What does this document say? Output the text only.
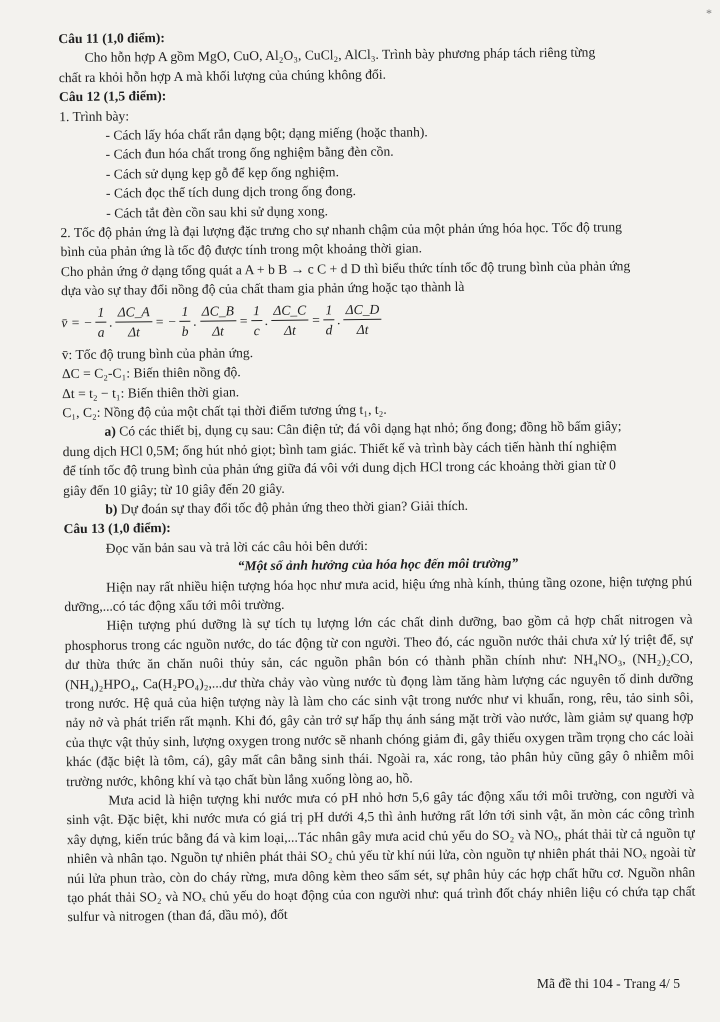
*
Câu 11 (1,0 điểm):
Cho hỗn hợp A gồm MgO, CuO, Al₂O₃, CuCl₂, AlCl₃. Trình bày phương pháp tách riêng từng
chất ra khỏi hỗn hợp A mà khối lượng của chúng không đổi.
Câu 12 (1,5 điểm):
1. Trình bày:
- Cách lấy hóa chất rắn dạng bột; dạng miếng (hoặc thanh).
- Cách đun hóa chất trong ống nghiệm bằng đèn cồn.
- Cách sử dụng kẹp gỗ để kẹp ống nghiệm.
- Cách đọc thể tích dung dịch trong ống đong.
- Cách tắt đèn cồn sau khi sử dụng xong.
2. Tốc độ phản ứng là đại lượng đặc trưng cho sự nhanh chậm của một phản ứng hóa học. Tốc độ trung
bình của phản ứng là tốc độ được tính trong một khoảng thời gian.
Cho phản ứng ở dạng tổng quát a A + b B → c C + d D thì biểu thức tính tốc độ trung bình của phản ứng
dựa vào sự thay đổi nồng độ của chất tham gia phản ứng hoặc tạo thành là
v̄ = − $\frac{1}{a}$ . $\frac{\Delta C\_A}{\Delta t}$ = − $\frac{1}{b}$ . $\frac{\Delta C\_B}{\Delta t} = \frac{1}{c}$ . $\frac{\Delta C\_C}{\Delta t} = \frac{1}{d}$ . $\frac{\Delta C\_D}{\Delta t}$
v̄: Tốc độ trung bình của phản ứng.
ΔC = C₂-C₁: Biến thiên nồng độ.
Δt = t₂ − t₁: Biến thiên thời gian.
C₁, C₂: Nồng độ của một chất tại thời điểm tương ứng t₁, t₂.
a) Có các thiết bị, dụng cụ sau: Cân điện tử; đá vôi dạng hạt nhỏ; ống đong; đồng hồ bấm giây;
dung dịch HCl 0,5M; ống hút nhỏ giọt; bình tam giác. Thiết kế và trình bày cách tiến hành thí nghiệm
để tính tốc độ trung bình của phản ứng giữa đá vôi với dung dịch HCl trong các khoảng thời gian từ 0
giây đến 10 giây; từ 10 giây đến 20 giây.
b) Dự đoán sự thay đổi tốc độ phản ứng theo thời gian? Giải thích.
Câu 13 (1,0 điểm):
Đọc văn bản sau và trả lời các câu hỏi bên dưới:
“Một số ảnh hưởng của hóa học đến môi trường”
Hiện nay rất nhiều hiện tượng hóa học như mưa acid, hiệu ứng nhà kính, thủng tầng ozone, hiện tượng phú dưỡng,...có tác động xấu tới môi trường.
Hiện tượng phú dưỡng là sự tích tụ lượng lớn các chất dinh dưỡng, bao gồm cả hợp chất nitrogen và phosphorus trong các nguồn nước, do tác động từ con người. Theo đó, các nguồn nước thải chưa xử lý triệt để, sự dư thừa thức ăn chăn nuôi thủy sản, các nguồn phân bón có thành phần chính như: NH₄NO₃, (NH₂)₂CO, (NH₄)₂HPO₄, Ca(H₂PO₄)₂,...dư thừa chảy vào vùng nước tù đọng làm tăng hàm lượng các nguyên tố dinh dưỡng trong nước. Hệ quả của hiện tượng này là làm cho các sinh vật trong nước như vi khuẩn, rong, rêu, tảo sinh sôi, nảy nở và phát triển rất mạnh. Khi đó, gây cản trở sự hấp thụ ánh sáng mặt trời vào nước, làm giảm sự quang hợp của thực vật thủy sinh, lượng oxygen trong nước sẽ nhanh chóng giảm đi, gây thiếu oxygen trầm trọng cho các loài khác (đặc biệt là tôm, cá), gây mất cân bằng sinh thái. Ngoài ra, xác rong, tảo phân hủy cũng gây ô nhiễm môi trường nước, không khí và tạo chất bùn lắng xuống lòng ao, hồ.
Mưa acid là hiện tượng khi nước mưa có pH nhỏ hơn 5,6 gây tác động xấu tới môi trường, con người và sinh vật. Đặc biệt, khi nước mưa có giá trị pH dưới 4,5 thì ảnh hưởng rất lớn tới sinh vật, ăn mòn các công trình xây dựng, kiến trúc bằng đá và kim loại,...Tác nhân gây mưa acid chủ yếu do SO₂ và NOₓ, phát thải từ cả nguồn tự nhiên và nhân tạo. Nguồn tự nhiên phát thải SO₂ chủ yếu từ khí núi lửa, còn nguồn tự nhiên phát thải NOₓ ngoài từ núi lửa phun trào, còn do cháy rừng, mưa dông kèm theo sấm sét, sự phân hủy các hợp chất hữu cơ. Nguồn nhân tạo phát thải SO₂ và NOₓ chủ yếu do hoạt động của con người như: quá trình đốt cháy nhiên liệu có chứa tạp chất sulfur và nitrogen (than đá, dầu mỏ), đốt
Mã đề thi 104 - Trang 4/ 5
